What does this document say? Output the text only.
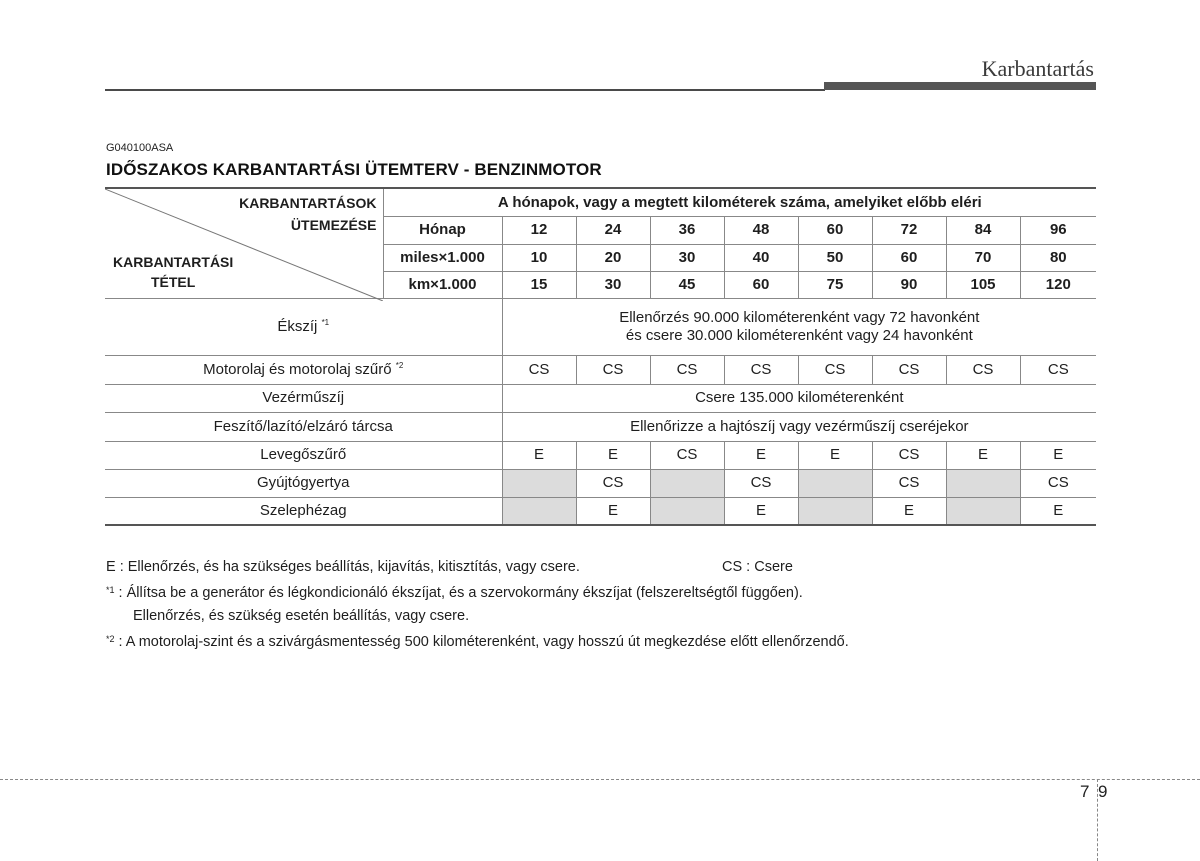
Karbantartás
G040100ASA
IDŐSZAKOS KARBANTARTÁSI ÜTEMTERV - BENZINMOTOR
KARBANTARTÁSOK
ÜTEMEZÉSE
KARBANTARTÁSI
TÉTEL	A hónapok, vagy a megtett kilométerek száma, amelyiket előbb eléri								
	Hónap	12	24	36	48	60	72	84	96
	miles×1.000	10	20	30	40	50	60	70	80
	km×1.000	15	30	45	60	75	90	105	120
Ékszíj $^{*1}$		Ellenőrzés 90.000 kilométerenként vagy 72 havonként
és csere 30.000 kilométerenként vagy 24 havonként							

Motorolaj és motorolaj szűrő $^{*2}$		CS	CS	CS	CS	CS	CS	CS	CS
Vezérműszíj		Csere 135.000 kilométerenként							
Feszítő/lazító/elzáró tárcsa		Ellenőrizze a hajtószíj vagy vezérműszíj cseréjekor							
Levegőszűrő		E	E	CS	E	E	CS	E	E
Gyújtógyertya			CS		CS		CS		CS
Szelephézag			E		E		E		E
E : Ellenőrzés, és ha szükséges beállítás, kijavítás, kitisztítás, vagy csere.	CS : Csere
$^{*1}$ : Állítsa be a generátor és légkondicionáló ékszíjat, és a szervokormány ékszíjat (felszereltségtől függően).
Ellenőrzés, és szükség esetén beállítás, vagy csere.
$^{*2}$ : A motorolaj-szint és a szivárgásmentesség 500 kilométerenként, vagy hosszú út megkezdése előtt ellenőrzendő.
7 9
